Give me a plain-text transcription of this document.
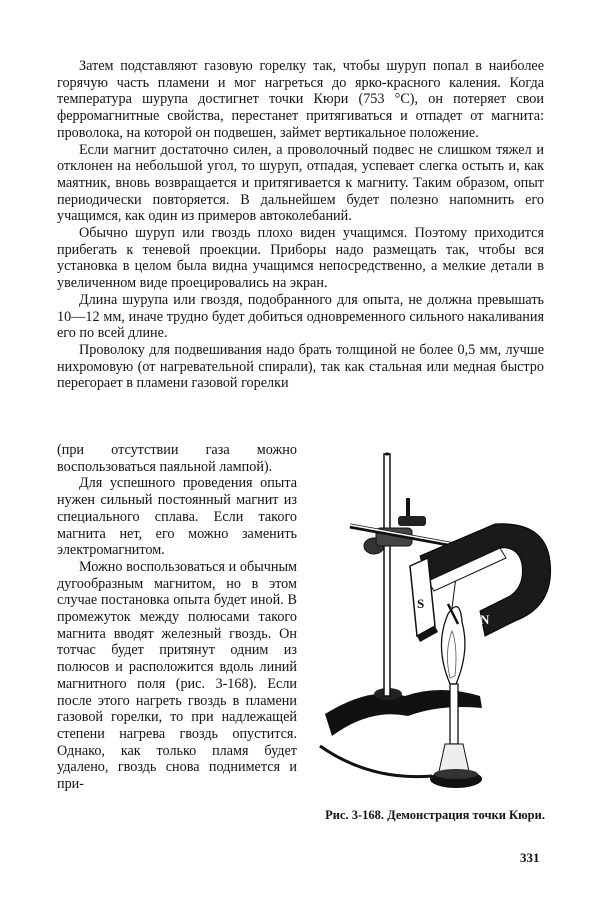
Затем подставляют газовую горелку так, чтобы шуруп попал в наиболее горячую часть пламени и мог нагреться до ярко-красного каления. Когда температура шурупа достигнет точки Кюри (753 °С), он потеряет свои ферромагнитные свойства, перестанет притягиваться и отпадет от магнита: проволока, на которой он подвешен, займет вертикальное положение.

Если магнит достаточно силен, а проволочный подвес не слишком тяжел и отклонен на небольшой угол, то шуруп, отпадая, успевает слегка остыть и, как маятник, вновь возвращается и притягивается к магниту. Таким образом, опыт периодически повторяется. В дальнейшем будет полезно напомнить его учащимся, как один из примеров автоколебаний.

Обычно шуруп или гвоздь плохо виден учащимся. Поэтому приходится прибегать к теневой проекции. Приборы надо размещать так, чтобы вся установка в целом была видна учащимся непосредственно, а мелкие детали в увеличенном виде проецировались на экран.

Длина шурупа или гвоздя, подобранного для опыта, не должна превышать 10—12 мм, иначе трудно будет добиться одновременного сильного накаливания его по всей длине.

Проволоку для подвешивания надо брать толщиной не более 0,5 мм, лучше нихромовую (от нагревательной спирали), так как стальная или медная быстро перегорает в пламени газовой горелки

(при отсутствии газа можно воспользоваться паяльной лампой).

Для успешного проведения опыта нужен сильный постоянный магнит из специального сплава. Если такого магнита нет, его можно заменить электромагнитом.

Можно воспользоваться и обычным дугообразным магнитом, но в этом случае постановка опыта будет иной. В промежуток между полюсами такого магнита вводят железный гвоздь. Он тотчас будет притянут одним из полюсов и расположится вдоль линий магнитного поля (рис. 3-168). Если после этого нагреть гвоздь в пламени газовой горелки, то при надлежащей степени нагрева гвоздь опустится. Однако, как только пламя будет удалено, гвоздь снова поднимется и при-

S
N
Рис. 3-168. Демонстрация точки Кюри.
331
